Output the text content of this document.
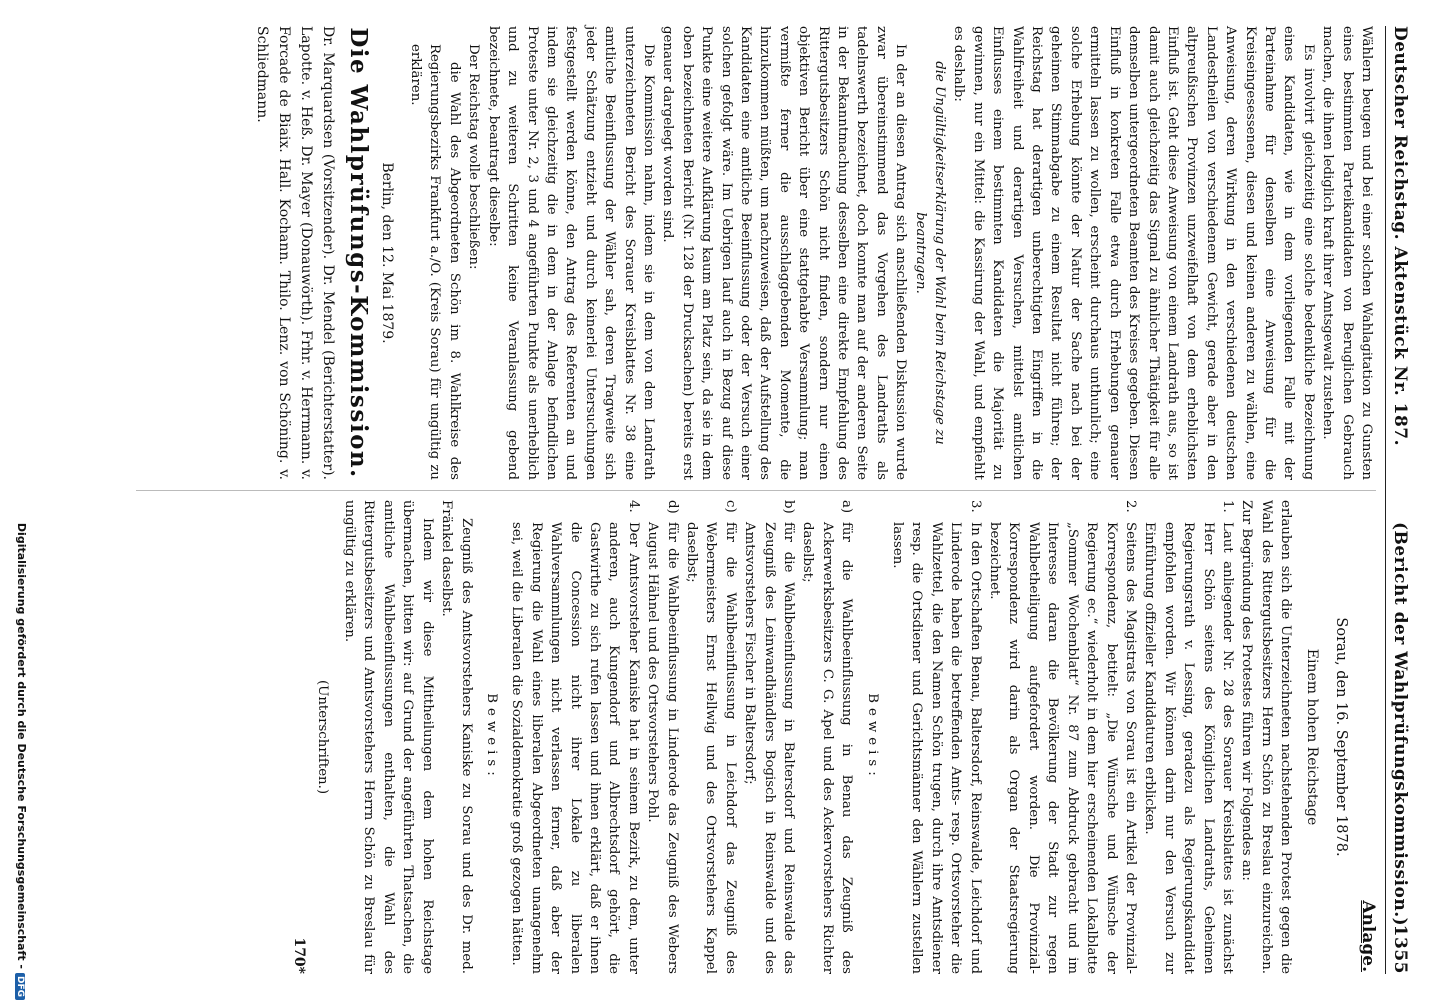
Deutscher Reichstag. Aktenstück Nr. 187.
(Bericht der Wahlprüfungskommission.)
1355
Anlage.

Wählern beugen und bei einer solchen Wahlagitation zu Gunsten eines bestimmten Parteikandidaten von Beruglichen Gebrauch machen, die ihnen lediglich kraft ihrer Amtsgewalt zustehen.

Es involvirt gleichzeitig eine solche bedenkliche Bezeichnung eines Kandidaten, wie in dem vorliegenden Falle mit der Parteinahme für denselben eine Anweisung für die Kreiseingesessenen, diesen und keinen anderen zu wählen, eine Anweisung, deren Wirkung in den verschiedenen deutschen Landestheilen von verschiedenem Gewicht, gerade aber in den altpreußischen Provinzen unzweifelhaft von dem erheblichsten Einfluß ist. Geht diese Anweisung von einem Landrath aus, so ist damit auch gleichzeitig das Signal zu ähnlicher Thätigkeit für alle demselben untergeordneten Beamten des Kreises gegeben. Diesen Einfluß in konkreten Falle etwa durch Erhebungen genauer ermitteln lassen zu wollen, erscheint durchaus unthunlich; eine solche Erhebung könnte der Natur der Sache nach bei der geheimen Stimmabgabe zu einem Resultat nicht führen; der Reichstag hat derartigen unberechtigten Eingriffen in die Wahlfreiheit und derartigen Versuchen, mittelst amtlichen Einflusses einem bestimmten Kandidaten die Majorität zu gewinnen, nur ein Mittel: die Kassirung der Wahl, und empfiehlt es deshalb:

die Ungültigkeitserklärung der Wahl beim Reichstage zu beantragen.

In der an diesen Antrag sich anschließenden Diskussion wurde zwar übereinstimmend das Vorgehen des Landraths als tadelnswerth bezeichnet, doch konnte man auf der anderen Seite in der Bekanntmachung desselben eine direkte Empfehlung des Rittergutsbesitzers Schön nicht finden, sondern nur einen objektiven Bericht über eine stattgehabte Versammlung; man vermißte ferner die ausschlaggebenden Momente, die hinzukommen müßten, um nachzuweisen, daß der Aufstellung des Kandidaten eine amtliche Beeinflussung oder der Versuch einer solchen gefolgt wäre. Im Uebrigen lauf auch in Bezug auf diese Punkte eine weitere Aufklärung kaum am Platz sein, da sie in dem oben bezeichneten Bericht (Nr. 128 der Drucksachen) bereits erst genauer dargelegt worden sind.

Die Kommission nahm, indem sie in dem von dem Landrath unterzeichneten Bericht des Sorauer Kreisblattes Nr. 38 eine amtliche Beeinflussung der Wähler sah, deren Tragweite sich jeder Schätzung entzieht und durch keinerlei Untersuchungen festgestellt werden könne, den Antrag des Referenten an und indem sie gleichzeitig die in dem in der Anlage befindlichen Proteste unter Nr. 2, 3 und 4 angeführten Punkte als unerheblich und zu weiteren Schritten keine Veranlassung gebend bezeichnete, beantragt dieselbe:

Der Reichstag wolle beschließen:

die Wahl des Abgeordneten Schön im 8. Wahlkreise des Regierungsbezirks Frankfurt a./O. (Kreis Sorau) für ungültig zu erklären.

Berlin, den 12. Mai 1879.

Die Wahlprüfungs-Kommission.

Dr. Marquardsen (Vorsitzender). Dr. Mendel (Berichterstatter). Lapotte. v. Heß. Dr. Mayer (Donauwörth). Frhr. v. Herrmann. v. Forcade de Biaix. Hall. Kochann. Thilo. Lenz. von Schöning. v. Schliedmann.

Sorau, den 16. September 1878.

Einem hohen Reichstage

erlauben sich die Unterzeichneten nachstehenden Protest gegen die Wahl des Rittergutsbesitzers Herrn Schön zu Breslau einzureichen. Zur Begründung des Protestes führen wir Folgendes an:

1.
Laut anliegender Nr. 28 des Sorauer Kreisblattes ist zunächst Herr Schön seitens des Königlichen Landraths, Geheimen Regierungsrath v. Lessing, geradezu als Regierungskandidat empfohlen worden. Wir können darin nur den Versuch zur Einführung offizieller Kandidaturen erblicken.

2.
Seitens des Magistrats von Sorau ist ein Artikel der Provinzial-Korrespondenz, betitelt: „Die Wünsche und Wünsche der Regierung ec.“ wiederholt in dem hier erscheinenden Lokalblatte „Sommer Wochenblatt“ Nr. 87 zum Abdruck gebracht und im Interesse daran die Bevölkerung der Stadt zur regen Wahlbetheiligung aufgefordert worden. Die Provinzial-Korrespondenz wird darin als Organ der Staatsregierung bezeichnet.

3.
In den Ortschaften Benau, Baltersdorf, Reinswalde, Leichdorf und Linderode haben die betreffenden Amts- resp. Ortsvorsteher die Wahlzettel, die den Namen Schön trugen, durch ihre Amtsdiener resp. die Ortsdiener und Gerichtsmänner den Wählern zustellen lassen.

Beweis:

a)
für die Wahlbeeinflussung in Benau das Zeugniß des Ackerwerksbesitzers C. G. Apel und des Ackervorstehers Richter daselbst;

b)
für die Wahlbeeinflussung in Baltersdorf und Reinswalde das Zeugniß des Leinwandhändlers Bogisch in Reinswalde und des Amtsvorstehers Fischer in Baltersdorf;

c)
für die Wahlbeeinflussung in Leichdorf das Zeugniß des Webermeisters Ernst Hellwig und des Ortsvorstehers Kappel daselbst;

d)
für die Wahlbeeinflussung in Linderode das Zeugniß des Webers August Hähnel und des Ortsvorstehers Pohl.

4.
Der Amtsvorsteher Kaniske hat in seinem Bezirk, zu dem, unter anderen, auch Kungendorf und Albrechtsdorf gehört, die Gastwirthe zu sich rufen lassen und ihnen erklärt, daß er ihnen die Concession nicht ihrer Lokale zu liberalen Wahlversammlungen nicht verlassen ferner, daß aber der Regierung die Wahl eines liberalen Abgeordneten unangenehm sei, weil die Liberalen die Sozialdemokratie groß gezogen hätten.

Beweis:

Zeugniß des Amtsvorstehers Kaniske zu Sorau und des Dr. med. Fränkel daselbst.

Indem wir diese Mittheilungen dem hohen Reichstage übermachen, bitten wir: auf Grund der angeführten Thatsachen, die amtliche Wahlbeeinflussungen enthalten, die Wahl des Rittergutsbesitzers und Amtsvorstehers Herrn Schön zu Breslau für ungültig zu erklären.

(Unterschriften.)

170*

Digitalisierung gefördert durch die Deutsche Forschungsgemeinschaft -DFG
